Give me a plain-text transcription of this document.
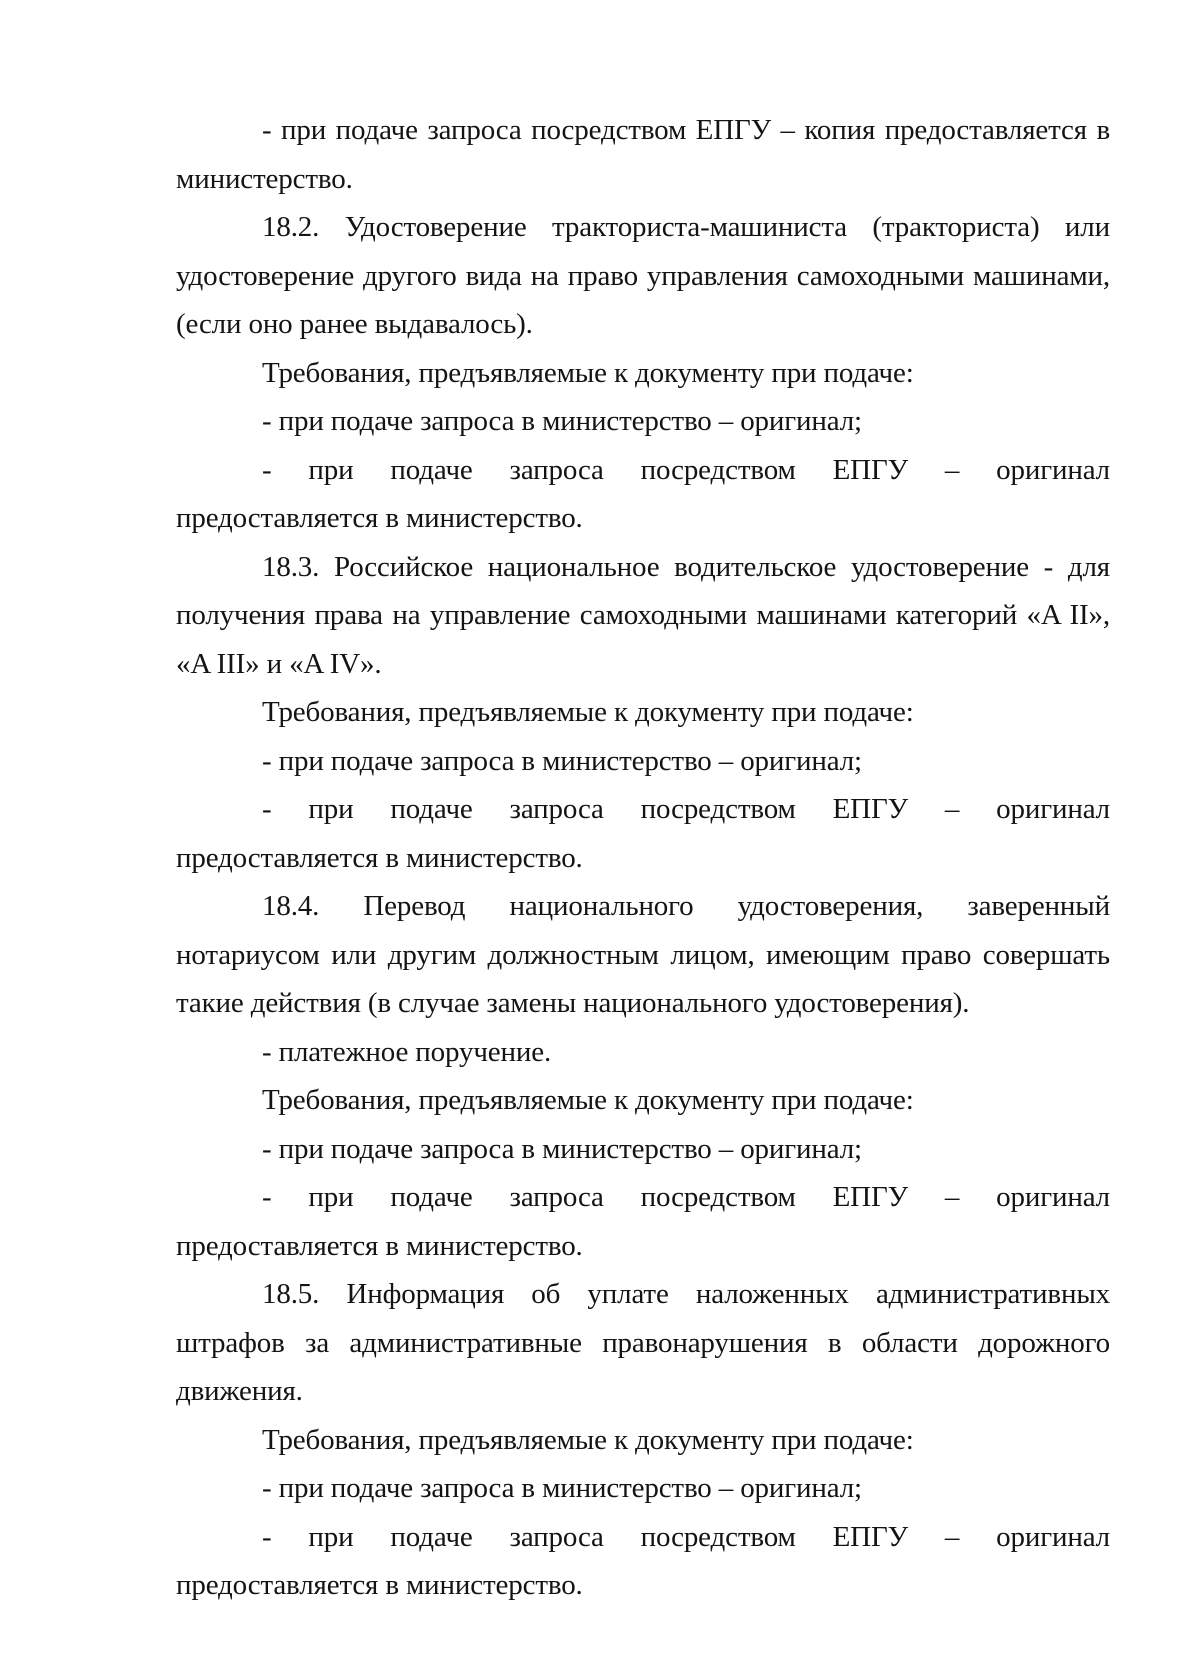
- при подаче запроса посредством ЕПГУ – копия предоставляется в министерство.

18.2. Удостоверение тракториста-машиниста (тракториста) или удостоверение другого вида на право управления самоходными машинами, (если оно ранее выдавалось).

Требования, предъявляемые к документу при подаче:

- при подаче запроса в министерство – оригинал;

- при подаче запроса посредством ЕПГУ – оригинал предоставляется в министерство.

18.3. Российское национальное водительское удостоверение - для получения права на управление самоходными машинами категорий «A II», «A III» и «A IV».

Требования, предъявляемые к документу при подаче:

- при подаче запроса в министерство – оригинал;

- при подаче запроса посредством ЕПГУ – оригинал предоставляется в министерство.

18.4. Перевод национального удостоверения, заверенный нотариусом или другим должностным лицом, имеющим право совершать такие действия (в случае замены национального удостоверения).

- платежное поручение.

Требования, предъявляемые к документу при подаче:

- при подаче запроса в министерство – оригинал;

- при подаче запроса посредством ЕПГУ – оригинал предоставляется в министерство.

18.5. Информация об уплате наложенных административных штрафов за административные правонарушения в области дорожного движения.

Требования, предъявляемые к документу при подаче:

- при подаче запроса в министерство – оригинал;

- при подаче запроса посредством ЕПГУ – оригинал предоставляется в министерство.
